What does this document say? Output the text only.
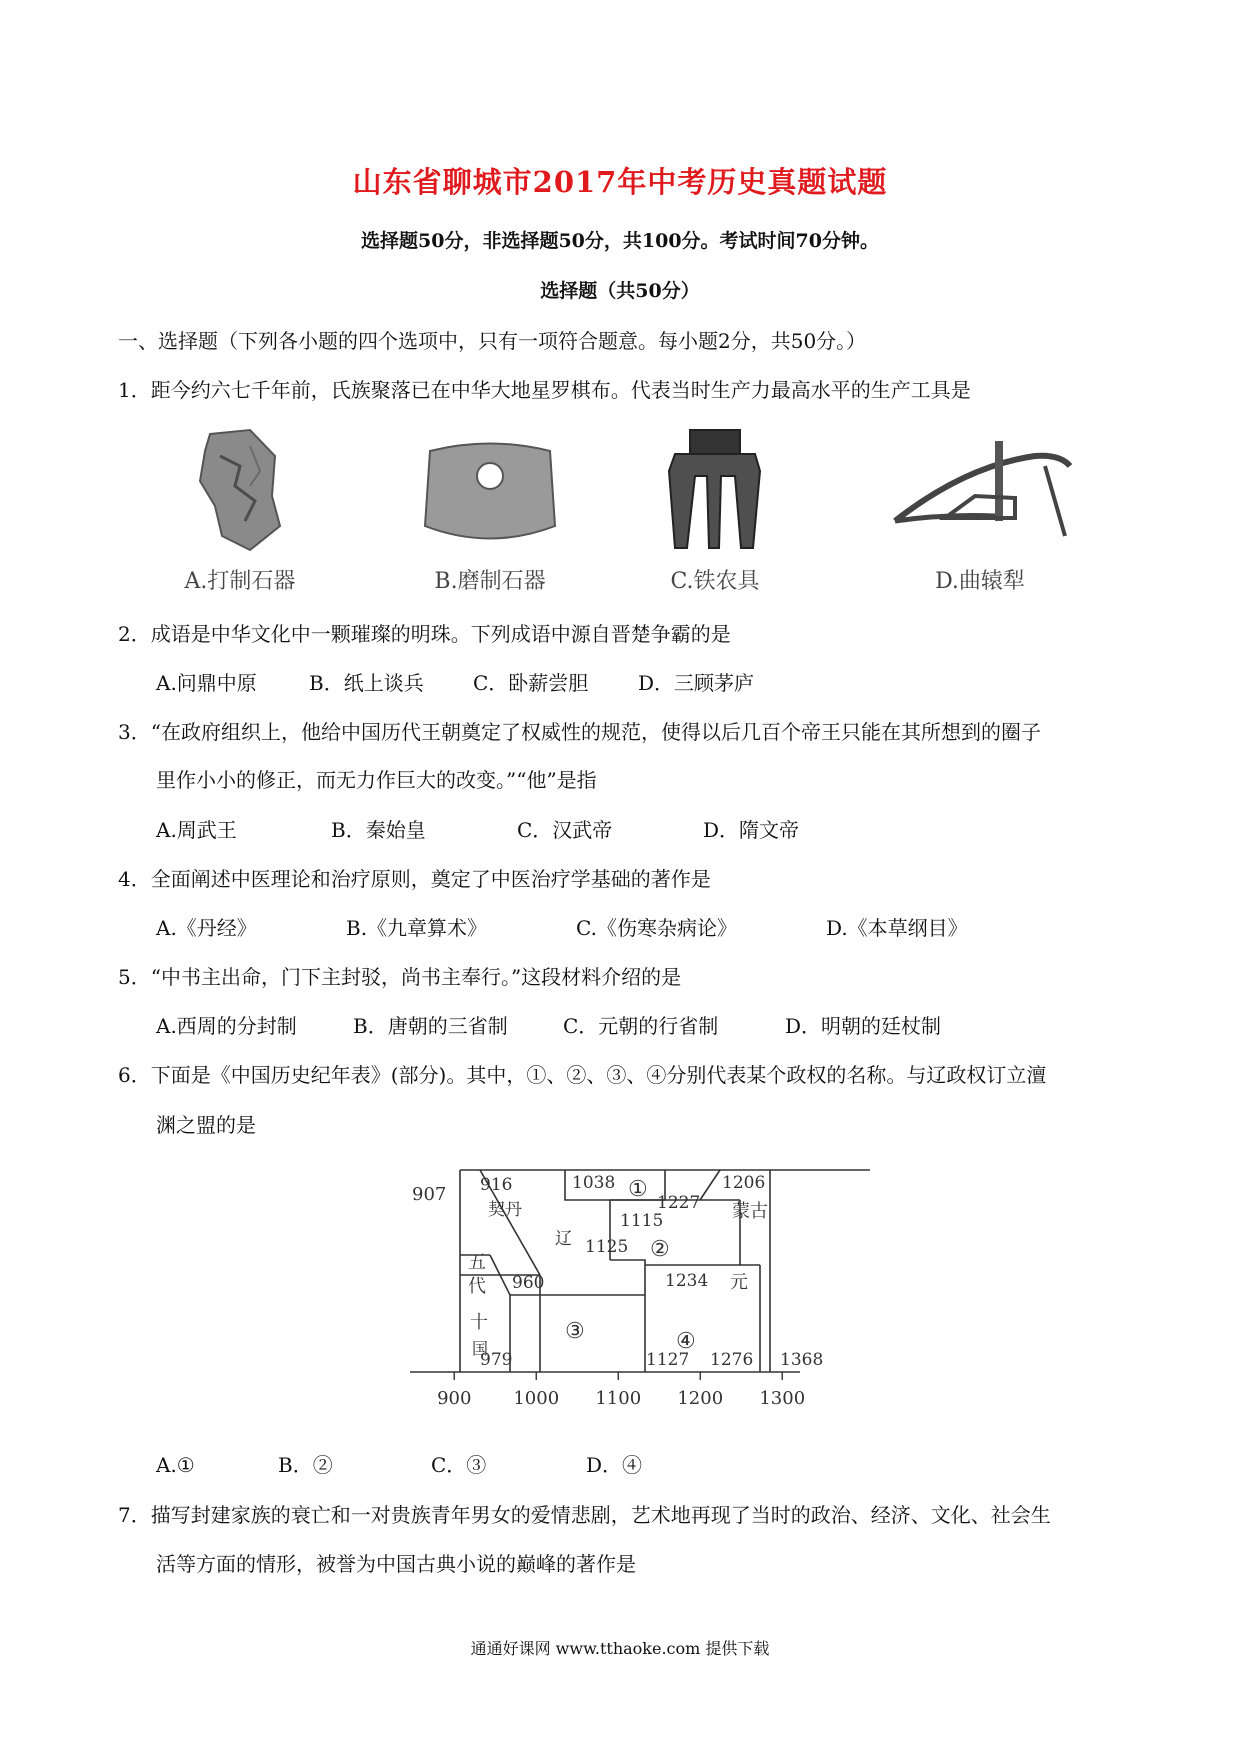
山东省聊城市2017年中考历史真题试题
选择题50分，非选择题50分，共100分。考试时间70分钟。
选择题（共50分）
一、选择题（下列各小题的四个选项中，只有一项符合题意。每小题2分，共50分。）
1．距今约六七千年前，氏族聚落已在中华大地星罗棋布。代表当时生产力最高水平的生产工具是
A.打制石器	B.磨制石器	C.铁农具	D.曲辕犁
2．成语是中华文化中一颗璀璨的明珠。下列成语中源自晋楚争霸的是
A.问鼎中原	B．纸上谈兵 C．卧薪尝胆 D．三顾茅庐
3．“在政府组织上，他给中国历代王朝奠定了权威性的规范，使得以后几百个帝王只能在其所想到的圈子
里作小小的修正，而无力作巨大的改变。”“他”是指
A.周武王	B．秦始皇	C．汉武帝	D．隋文帝
4．全面阐述中医理论和治疗原则，奠定了中医治疗学基础的著作是
A.《丹经》	B.《九章算术》	C.《伤寒杂病论》	D.《本草纲目》
5．“中书主出命，门下主封驳，尚书主奉行。”这段材料介绍的是
A.西周的分封制	B．唐朝的三省制	C．元朝的行省制	D．明朝的廷杖制
6．下面是《中国历史纪年表》(部分)。其中，①、②、③、④分别代表某个政权的名称。与辽政权订立澶
渊之盟的是
907 916
契丹
1038 ①
1227
1206
蒙古
辽
1115
1125 ②
五
代 960	1234 元
十
国
③	④
979	1127 1276 1368
900 1000 1100 1200 1300
A.①	B．②	C．③	D．④
7．描写封建家族的衰亡和一对贵族青年男女的爱情悲剧，艺术地再现了当时的政治、经济、文化、社会生
活等方面的情形，被誉为中国古典小说的巅峰的著作是
通通好课网 www.tthaoke.com 提供下载
